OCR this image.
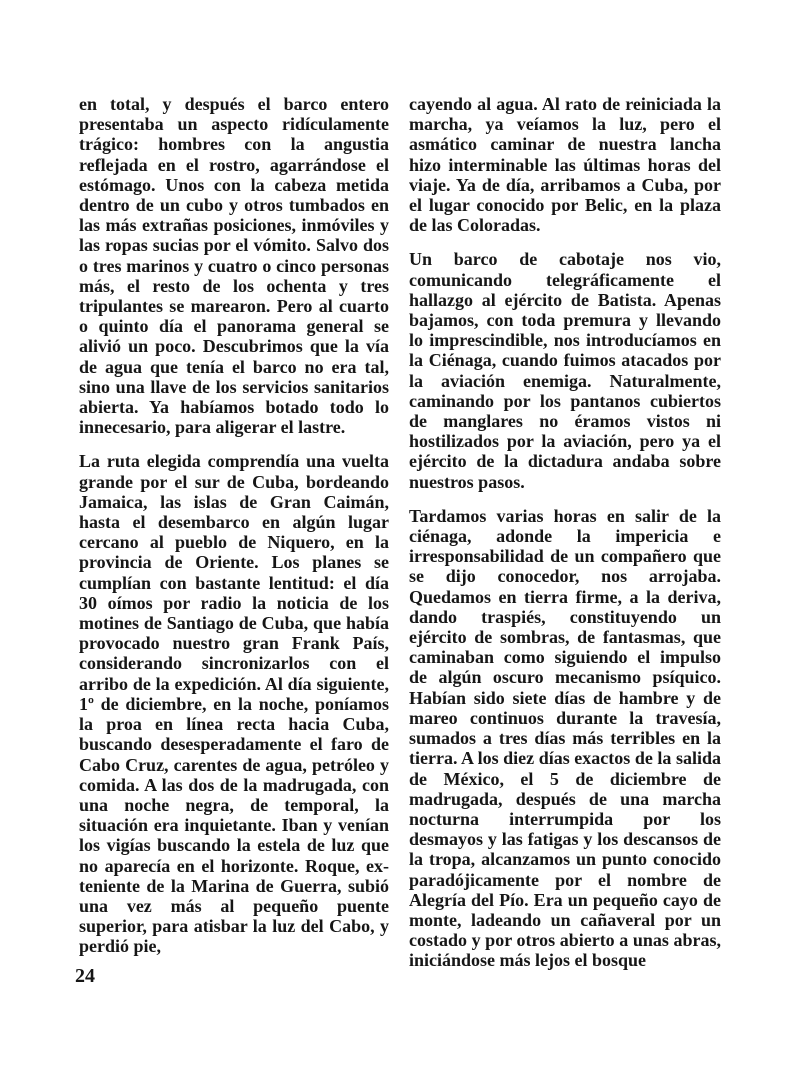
en total, y después el barco entero presentaba un aspecto ridículamente trágico: hombres con la angustia reflejada en el rostro, agarrándose el estómago. Unos con la cabeza metida dentro de un cubo y otros tumbados en las más extrañas posiciones, inmóviles y las ropas sucias por el vómito. Salvo dos o tres marinos y cuatro o cinco personas más, el resto de los ochenta y tres tripulantes se marearon. Pero al cuarto o quinto día el panorama general se alivió un poco. Descubrimos que la vía de agua que tenía el barco no era tal, sino una llave de los servicios sanitarios abierta. Ya habíamos botado todo lo innecesario, para aligerar el lastre.

La ruta elegida comprendía una vuelta grande por el sur de Cuba, bordeando Jamaica, las islas de Gran Caimán, hasta el desembarco en algún lugar cercano al pueblo de Niquero, en la provincia de Oriente. Los planes se cumplían con bastante lentitud: el día 30 oímos por radio la noticia de los motines de Santiago de Cuba, que había provocado nuestro gran Frank País, considerando sincronizarlos con el arribo de la expedición. Al día siguiente, 1º de diciembre, en la noche, poníamos la proa en línea recta hacia Cuba, buscando desesperadamente el faro de Cabo Cruz, carentes de agua, petróleo y comida. A las dos de la madrugada, con una noche negra, de temporal, la situación era inquietante. Iban y venían los vigías buscando la estela de luz que no aparecía en el horizonte. Roque, ex-teniente de la Marina de Guerra, subió una vez más al pequeño puente superior, para atisbar la luz del Cabo, y perdió pie,

cayendo al agua. Al rato de reiniciada la marcha, ya veíamos la luz, pero el asmático caminar de nuestra lancha hizo interminable las últimas horas del viaje. Ya de día, arribamos a Cuba, por el lugar conocido por Belic, en la plaza de las Coloradas.

Un barco de cabotaje nos vio, comunicando telegráficamente el hallazgo al ejército de Batista. Apenas bajamos, con toda premura y llevando lo imprescindible, nos introducíamos en la Ciénaga, cuando fuimos atacados por la aviación enemiga. Naturalmente, caminando por los pantanos cubiertos de manglares no éramos vistos ni hostilizados por la aviación, pero ya el ejército de la dictadura andaba sobre nuestros pasos.

Tardamos varias horas en salir de la ciénaga, adonde la impericia e irresponsabilidad de un compañero que se dijo conocedor, nos arrojaba. Quedamos en tierra firme, a la deriva, dando traspiés, constituyendo un ejército de sombras, de fantasmas, que caminaban como siguiendo el impulso de algún oscuro mecanismo psíquico. Habían sido siete días de hambre y de mareo continuos durante la travesía, sumados a tres días más terribles en la tierra. A los diez días exactos de la salida de México, el 5 de diciembre de madrugada, después de una marcha nocturna interrumpida por los desmayos y las fatigas y los descansos de la tropa, alcanzamos un punto conocido paradójicamente por el nombre de Alegría del Pío. Era un pequeño cayo de monte, ladeando un cañaveral por un costado y por otros abierto a unas abras, iniciándose más lejos el bosque

24
